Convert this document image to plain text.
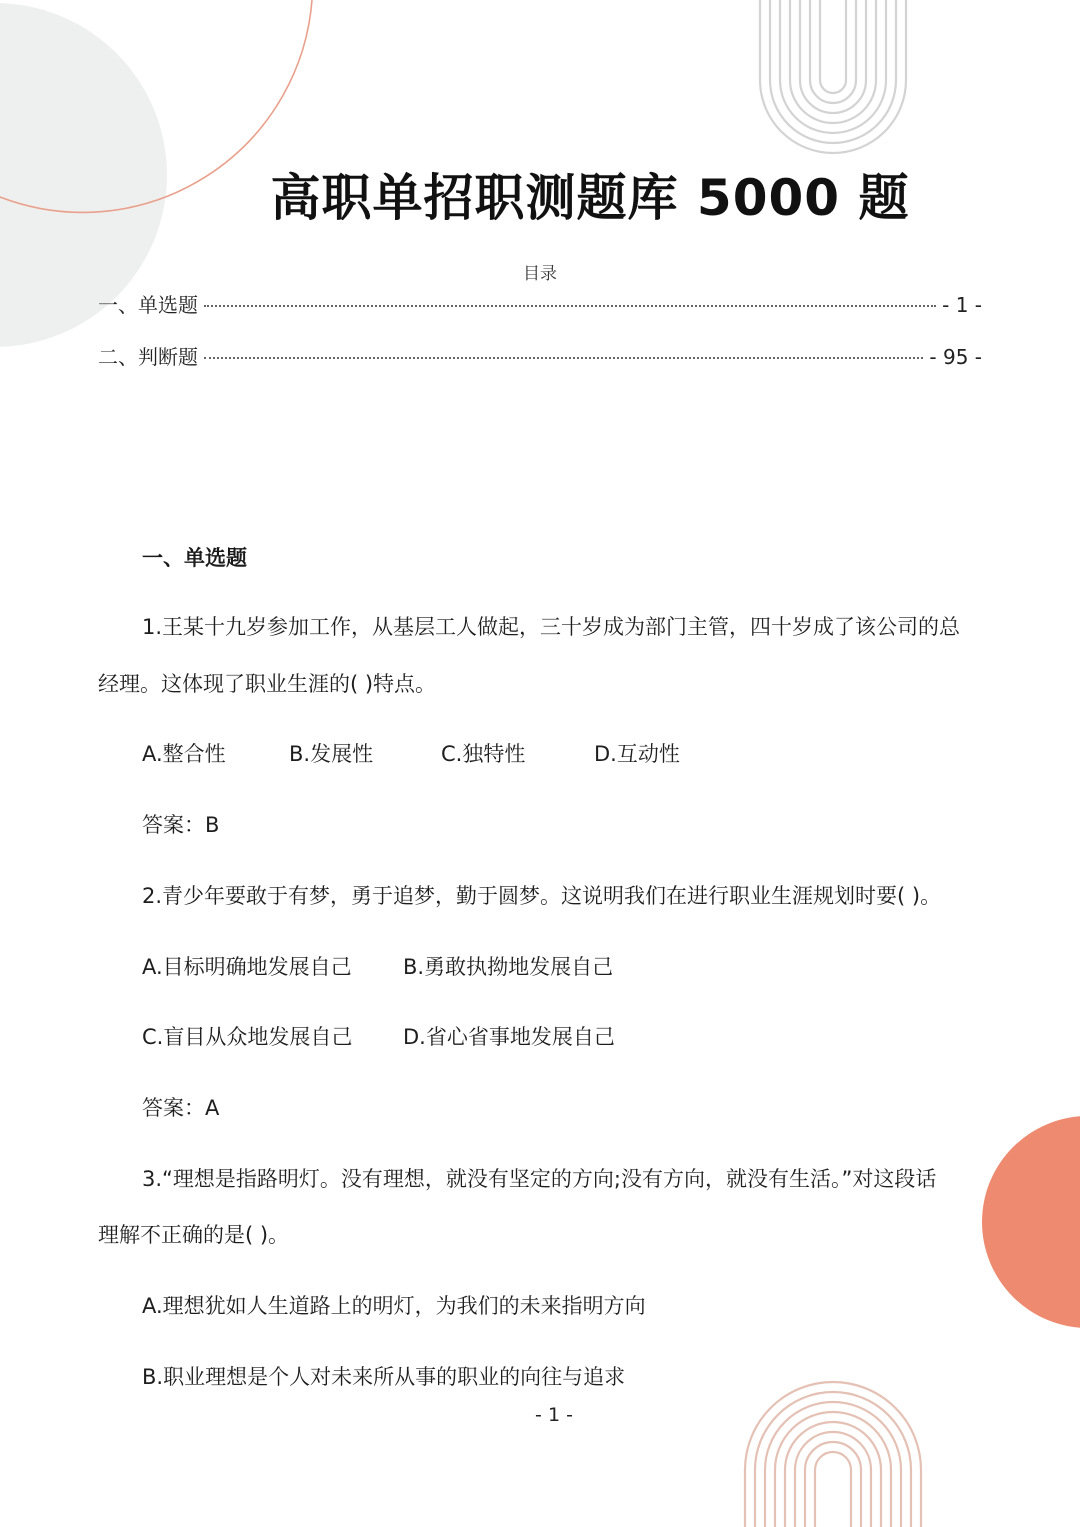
高职单招职测题库 5000 题
目录
一、单选题	- 1 -
二、判断题	- 95 -
一、单选题
1.王某十九岁参加工作，从基层工人做起，三十岁成为部门主管，四十岁成了该公司的总
经理。这体现了职业生涯的( )特点。
A.整合性	B.发展性	C.独特性	D.互动性
答案：B
2.青少年要敢于有梦，勇于追梦，勤于圆梦。这说明我们在进行职业生涯规划时要( )。
A.目标明确地发展自己 B.勇敢执拗地发展自己
C.盲目从众地发展自己 D.省心省事地发展自己
答案：A
3.“理想是指路明灯。没有理想，就没有坚定的方向;没有方向，就没有生活。”对这段话
理解不正确的是( )。
A.理想犹如人生道路上的明灯，为我们的未来指明方向
B.职业理想是个人对未来所从事的职业的向往与追求
- 1 -
